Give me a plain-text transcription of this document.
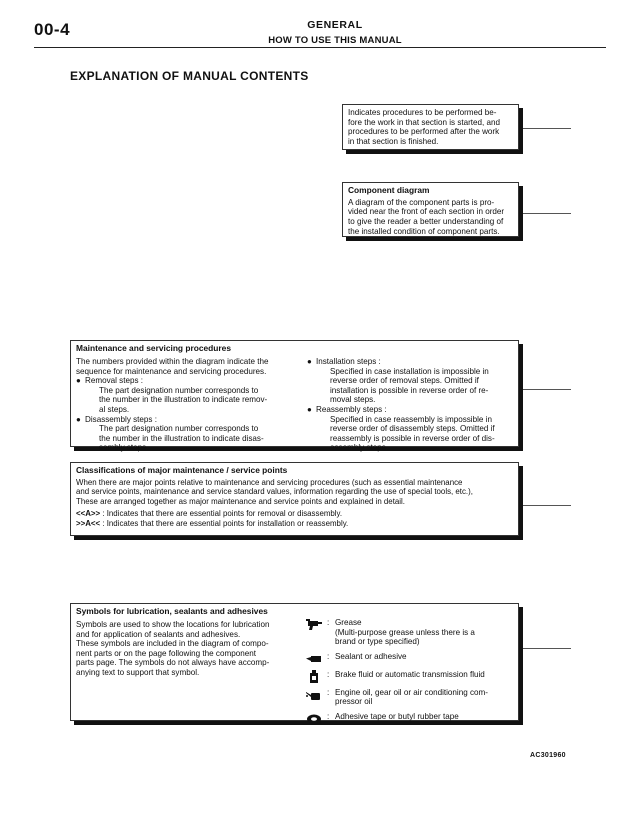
00-4	GENERAL
HOW TO USE THIS MANUAL
EXPLANATION OF MANUAL CONTENTS
Indicates procedures to be performed be-
fore the work in that section is started, and
procedures to be performed after the work
in that section is finished.
Component diagram
A diagram of the component parts is pro-
vided near the front of each section in order
to give the reader a better understanding of
the installed condition of component parts.
Maintenance and servicing procedures
The numbers provided within the diagram indicate the
sequence for maintenance and servicing procedures.
● Removal steps :
The part designation number corresponds to
the number in the illustration to indicate remov-
al steps.
● Disassembly steps :
The part designation number corresponds to
the number in the illustration to indicate disas-
sembly steps.
● Installation steps :
Specified in case installation is impossible in
reverse order of removal steps. Omitted if
installation is possible in reverse order of re-
moval steps.
● Reassembly steps :
Specified in case reassembly is impossible in
reverse order of disassembly steps. Omitted if
reassembly is possible in reverse order of dis-
assembly steps.
Classifications of major maintenance / service points
When there are major points relative to maintenance and servicing procedures (such as essential maintenance
and service points, maintenance and service standard values, information regarding the use of special tools, etc.),
These are arranged together as major maintenance and service points and explained in detail.
<<A>> : Indicates that there are essential points for removal or disassembly.
>>A<< : Indicates that there are essential points for installation or reassembly.
Symbols for lubrication, sealants and adhesives
Symbols are used to show the locations for lubrication
and for application of sealants and adhesives.
These symbols are included in the diagram of compo-
nent parts or on the page following the component
parts page. The symbols do not always have accomp-
anying text to support that symbol.
: Grease
(Multi-purpose grease unless there is a
brand or type specified)
: Sealant or adhesive
: Brake fluid or automatic transmission fluid
: Engine oil, gear oil or air conditioning com-
pressor oil
: Adhesive tape or butyl rubber tape
AC301960
